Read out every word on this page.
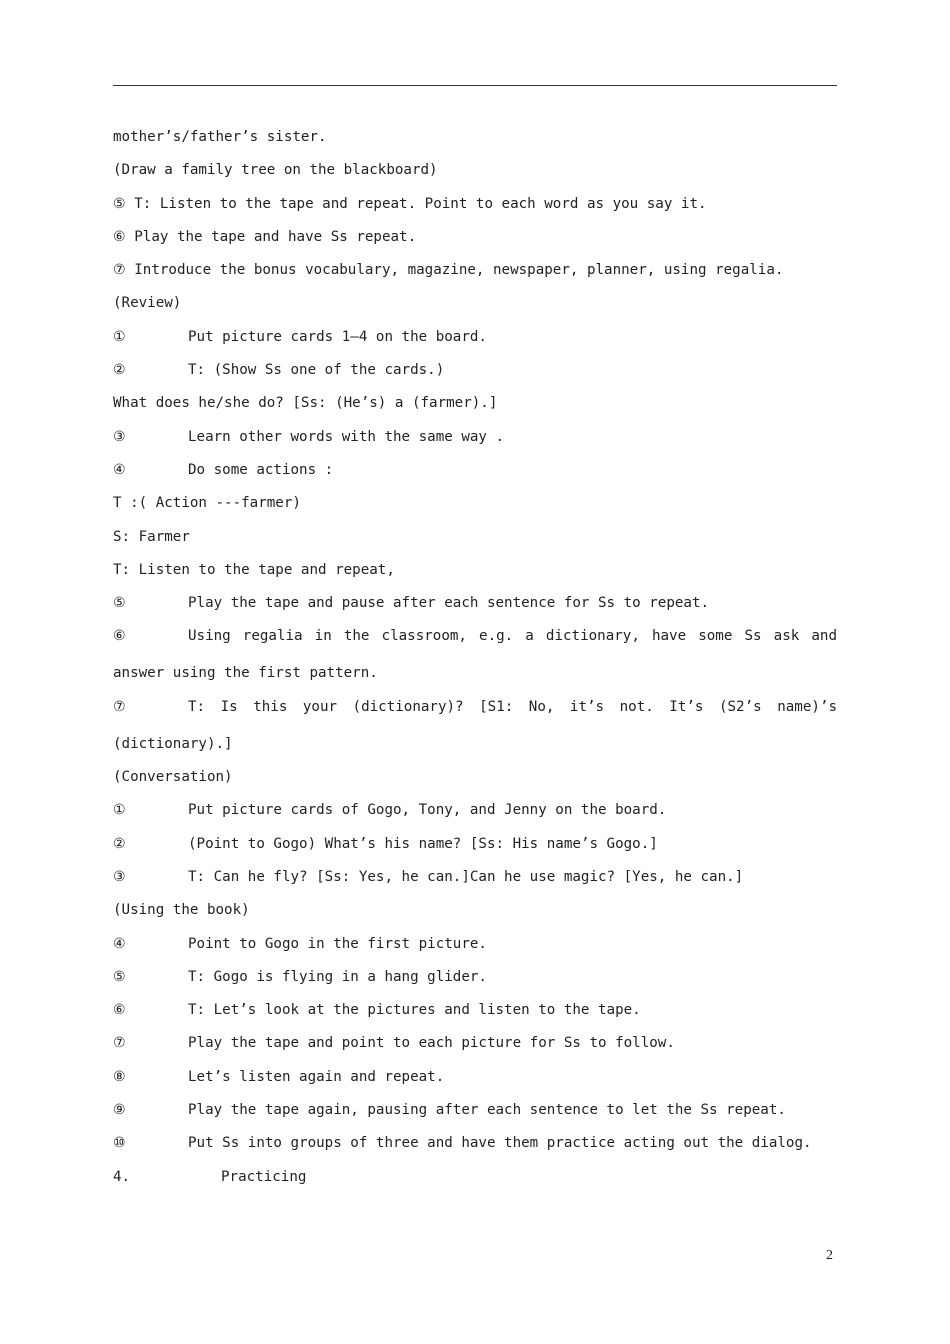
mother’s/father’s sister.
(Draw a family tree on the blackboard)
⑤ T: Listen to the tape and repeat. Point to each word as you say it.
⑥ Play the tape and have Ss repeat.
⑦ Introduce the bonus vocabulary, magazine, newspaper, planner, using regalia.
(Review)
①	Put picture cards 1—4 on the board.
②	T: (Show Ss one of the cards.)
What does he/she do? [Ss: (He’s) a (farmer).]
③	Learn other words with the same way .
④	Do some actions :
T :( Action ---farmer)
S: Farmer
T: Listen to the tape and repeat,
⑤	Play the tape and pause after each sentence for Ss to repeat.
⑥	Using regalia in the classroom, e.g. a dictionary, have some Ss ask and
answer using the first pattern.
⑦	T: Is this your (dictionary)? [S1: No, it’s not. It’s (S2’s name)’s
(dictionary).]
(Conversation)
①	Put picture cards of Gogo, Tony, and Jenny on the board.
②	(Point to Gogo) What’s his name? [Ss: His name’s Gogo.]
③	T: Can he fly? [Ss: Yes, he can.]Can he use magic? [Yes, he can.]
(Using the book)
④	Point to Gogo in the first picture.
⑤	T: Gogo is flying in a hang glider.
⑥	T: Let’s look at the pictures and listen to the tape.
⑦	Play the tape and point to each picture for Ss to follow.
⑧	Let’s listen again and repeat.
⑨	Play the tape again, pausing after each sentence to let the Ss repeat.
⑩	Put Ss into groups of three and have them practice acting out the dialog.
4.	Practicing
2
